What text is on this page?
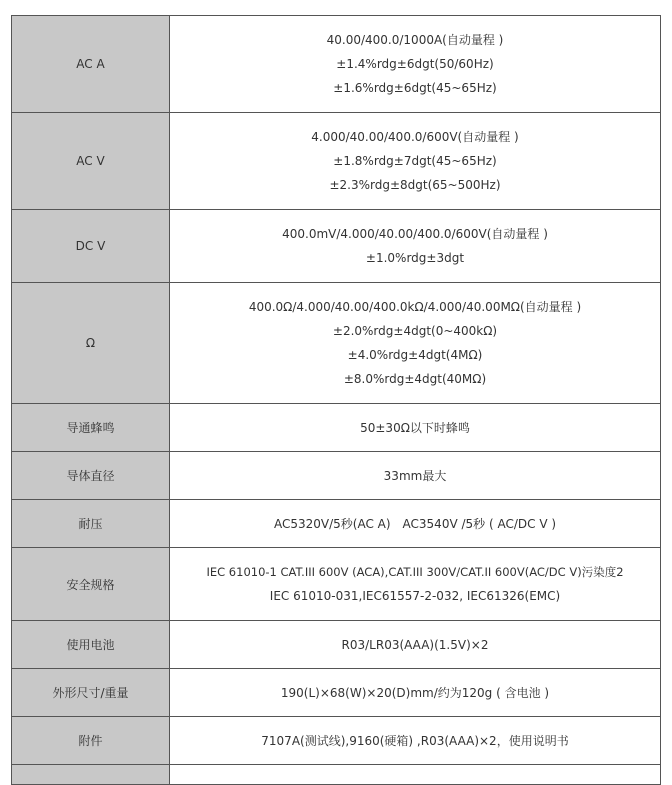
AC A	40.00/400.0/1000A(自动量程 )
±1.4%rdg±6dgt(50/60Hz)
±1.6%rdg±6dgt(45~65Hz)

AC V	4.000/40.00/400.0/600V(自动量程 )
±1.8%rdg±7dgt(45~65Hz)
±2.3%rdg±8dgt(65~500Hz)

DC V	400.0mV/4.000/40.00/400.0/600V(自动量程 )
±1.0%rdg±3dgt

Ω	400.0Ω/4.000/40.00/400.0kΩ/4.000/40.00MΩ(自动量程 )
±2.0%rdg±4dgt(0~400kΩ)
±4.0%rdg±4dgt(4MΩ)
±8.0%rdg±4dgt(40MΩ)

导通蜂鸣	50±30Ω以下时蜂鸣

导体直径	33mm最大

耐压	AC5320V/5秒(AC A)　AC3540V /5秒 ( AC/DC V )

安全规格	IEC 61010-1 CAT.III 600V (ACA),CAT.III 300V/CAT.II 600V(AC/DC V)污染度2
IEC 61010-031,IEC61557-2-032, IEC61326(EMC)

使用电池	R03/LR03(AAA)(1.5V)×2

外形尺寸/重量	190(L)×68(W)×20(D)mm/约为120g ( 含电池 )

附件	7107A(测试线),9160(硬箱) ,R03(AAA)×2，使用说明书
